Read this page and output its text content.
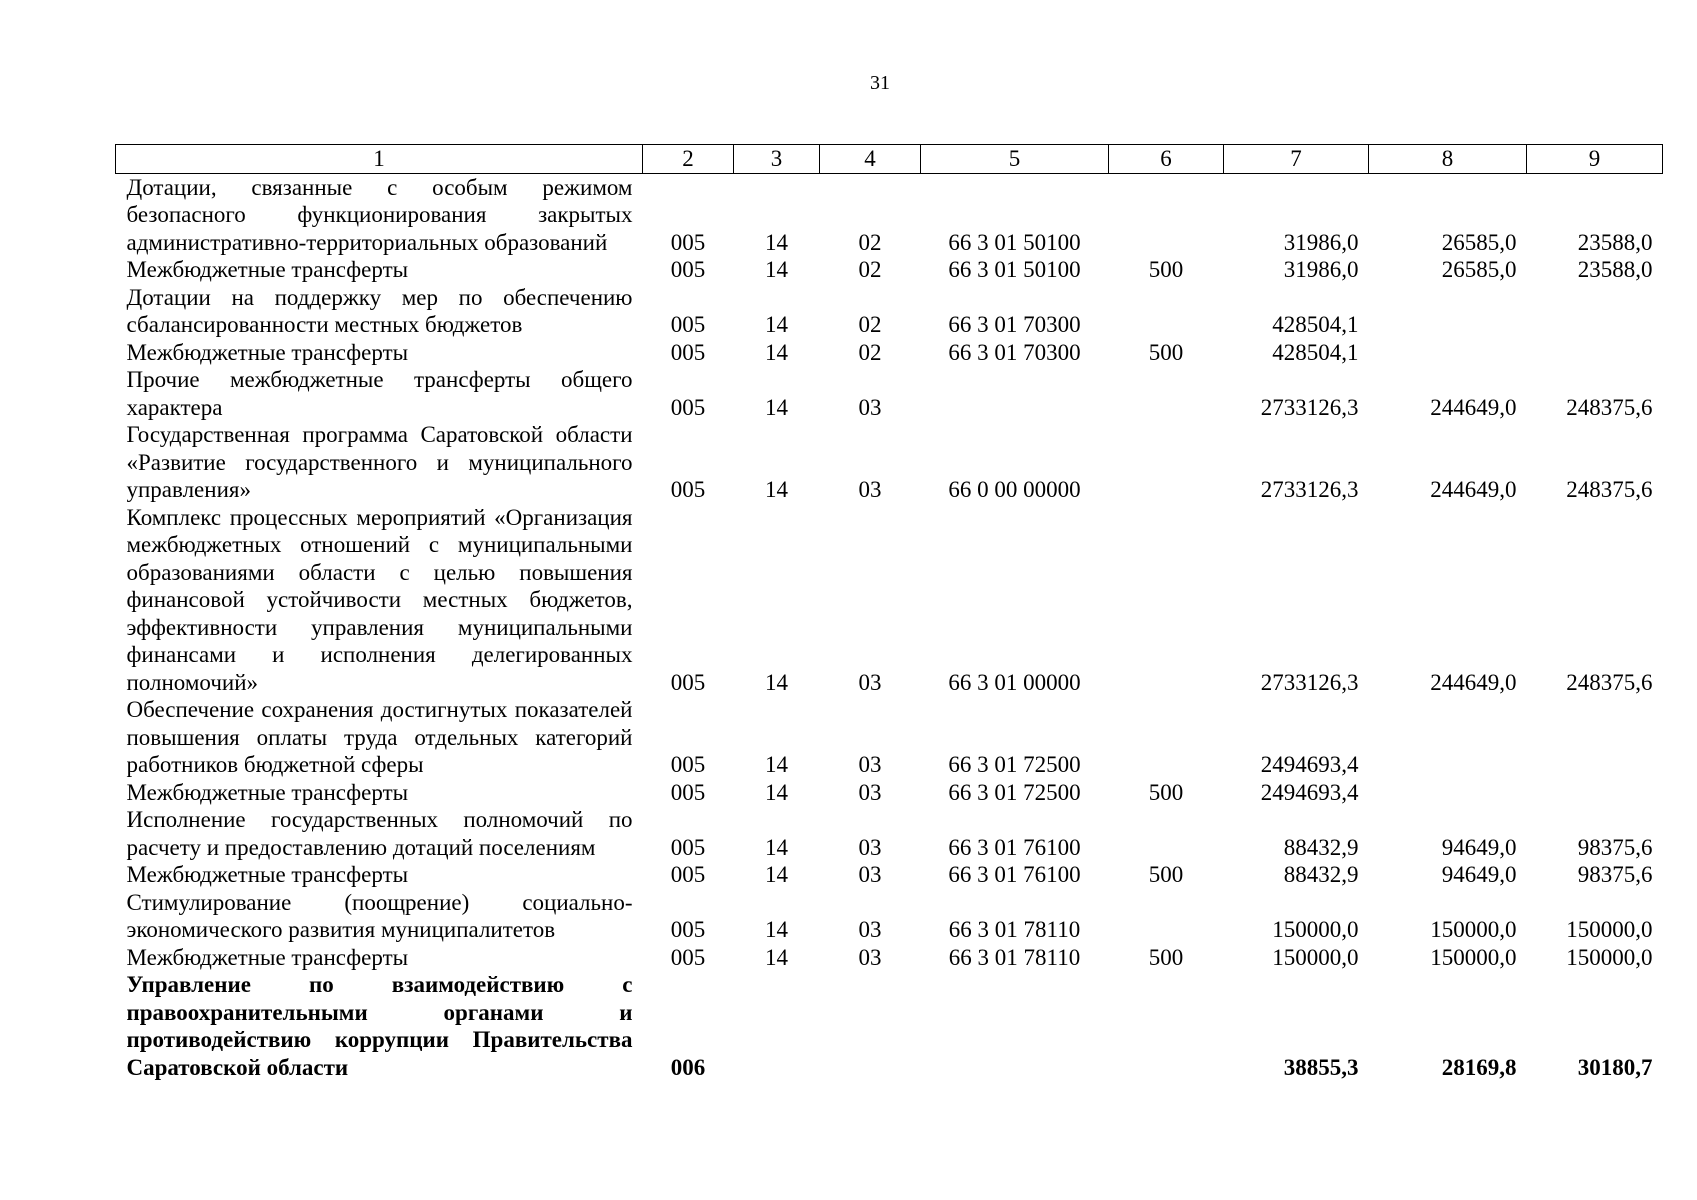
31
1	2	3	4	5	6	7	8	9
Дотации, связанные с особым режимом безопасного функционирования закрытых административно-территориальных образований	005	14	02	66 3 01 50100		31986,0	26585,0	23588,0
Межбюджетные трансферты	005	14	02	66 3 01 50100	500	31986,0	26585,0	23588,0
Дотации на поддержку мер по обеспечению сбалансированности местных бюджетов	005	14	02	66 3 01 70300		428504,1		
Межбюджетные трансферты	005	14	02	66 3 01 70300	500	428504,1		
Прочие межбюджетные трансферты общего характера	005	14	03			2733126,3	244649,0	248375,6
Государственная программа Саратовской области «Развитие государственного и муниципального управления»	005	14	03	66 0 00 00000		2733126,3	244649,0	248375,6
Комплекс процессных мероприятий «Организация межбюджетных отношений с муниципальными образованиями области с целью повышения финансовой устойчивости местных бюджетов, эффективности управления муниципальными финансами и исполнения делегированных полномочий»	005	14	03	66 3 01 00000		2733126,3	244649,0	248375,6
Обеспечение сохранения достигнутых показателей повышения оплаты труда отдельных категорий работников бюджетной сферы	005	14	03	66 3 01 72500		2494693,4		
Межбюджетные трансферты	005	14	03	66 3 01 72500	500	2494693,4		
Исполнение государственных полномочий по расчету и предоставлению дотаций поселениям	005	14	03	66 3 01 76100		88432,9	94649,0	98375,6
Межбюджетные трансферты	005	14	03	66 3 01 76100	500	88432,9	94649,0	98375,6
Стимулирование (поощрение) социально-экономического развития муниципалитетов	005	14	03	66 3 01 78110		150000,0	150000,0	150000,0
Межбюджетные трансферты	005	14	03	66 3 01 78110	500	150000,0	150000,0	150000,0
Управление по взаимодействию с правоохранительными органами и противодействию коррупции Правительства Саратовской области	006					38855,3	28169,8	30180,7
